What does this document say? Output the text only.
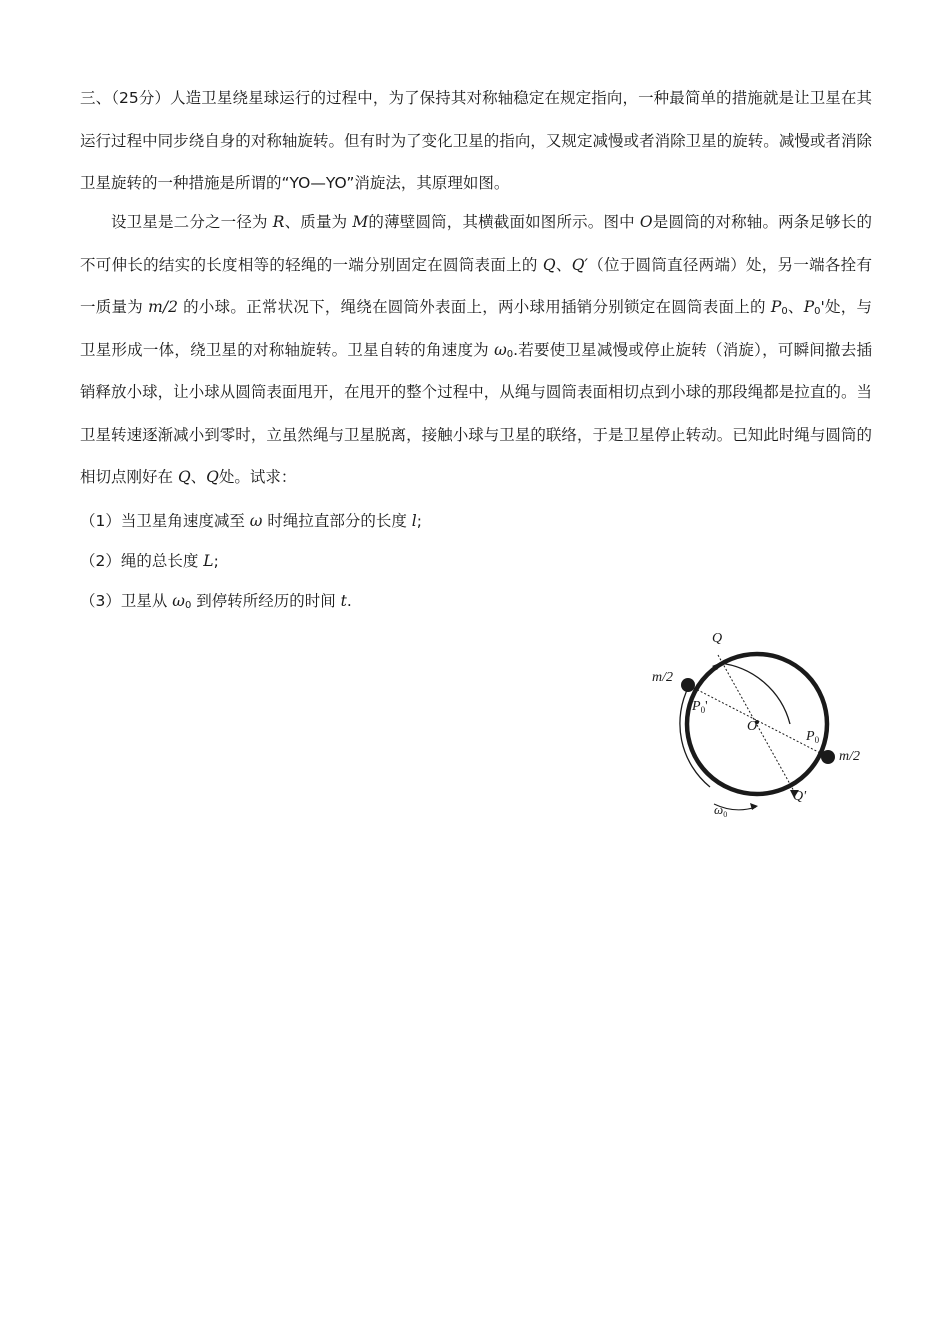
三、（25分）人造卫星绕星球运行的过程中，为了保持其对称轴稳定在规定指向，一种最简单的措施就是让卫星在其运行过程中同步绕自身的对称轴旋转。但有时为了变化卫星的指向，又规定减慢或者消除卫星的旋转。减慢或者消除卫星旋转的一种措施是所谓的“YO—YO”消旋法，其原理如图。

设卫星是二分之一径为 R、质量为 M的薄壁圆筒，其横截面如图所示。图中 O是圆筒的对称轴。两条足够长的不可伸长的结实的长度相等的轻绳的一端分别固定在圆筒表面上的 Q、Q′（位于圆筒直径两端）处，另一端各拴有一质量为 m/2 的小球。正常状况下，绳绕在圆筒外表面上，两小球用插销分别锁定在圆筒表面上的 $P_0$、$P_0'$处，与卫星形成一体，绕卫星的对称轴旋转。卫星自转的角速度为 $\omega_0$.若要使卫星减慢或停止旋转（消旋），可瞬间撤去插销释放小球，让小球从圆筒表面甩开，在甩开的整个过程中，从绳与圆筒表面相切点到小球的那段绳都是拉直的。当卫星转速逐渐减小到零时，立虽然绳与卫星脱离，接触小球与卫星的联络，于是卫星停止转动。已知此时绳与圆筒的相切点刚好在 Q、Q处。试求：

（1）当卫星角速度减至 ω 时绳拉直部分的长度 l;

（2）绳的总长度 L;

（3）卫星从 $\omega_0$ 到停转所经历的时间 t.

Q
m/2
$P_0'$
O
$P_0$
m/2
Q'
$\omega_0$
